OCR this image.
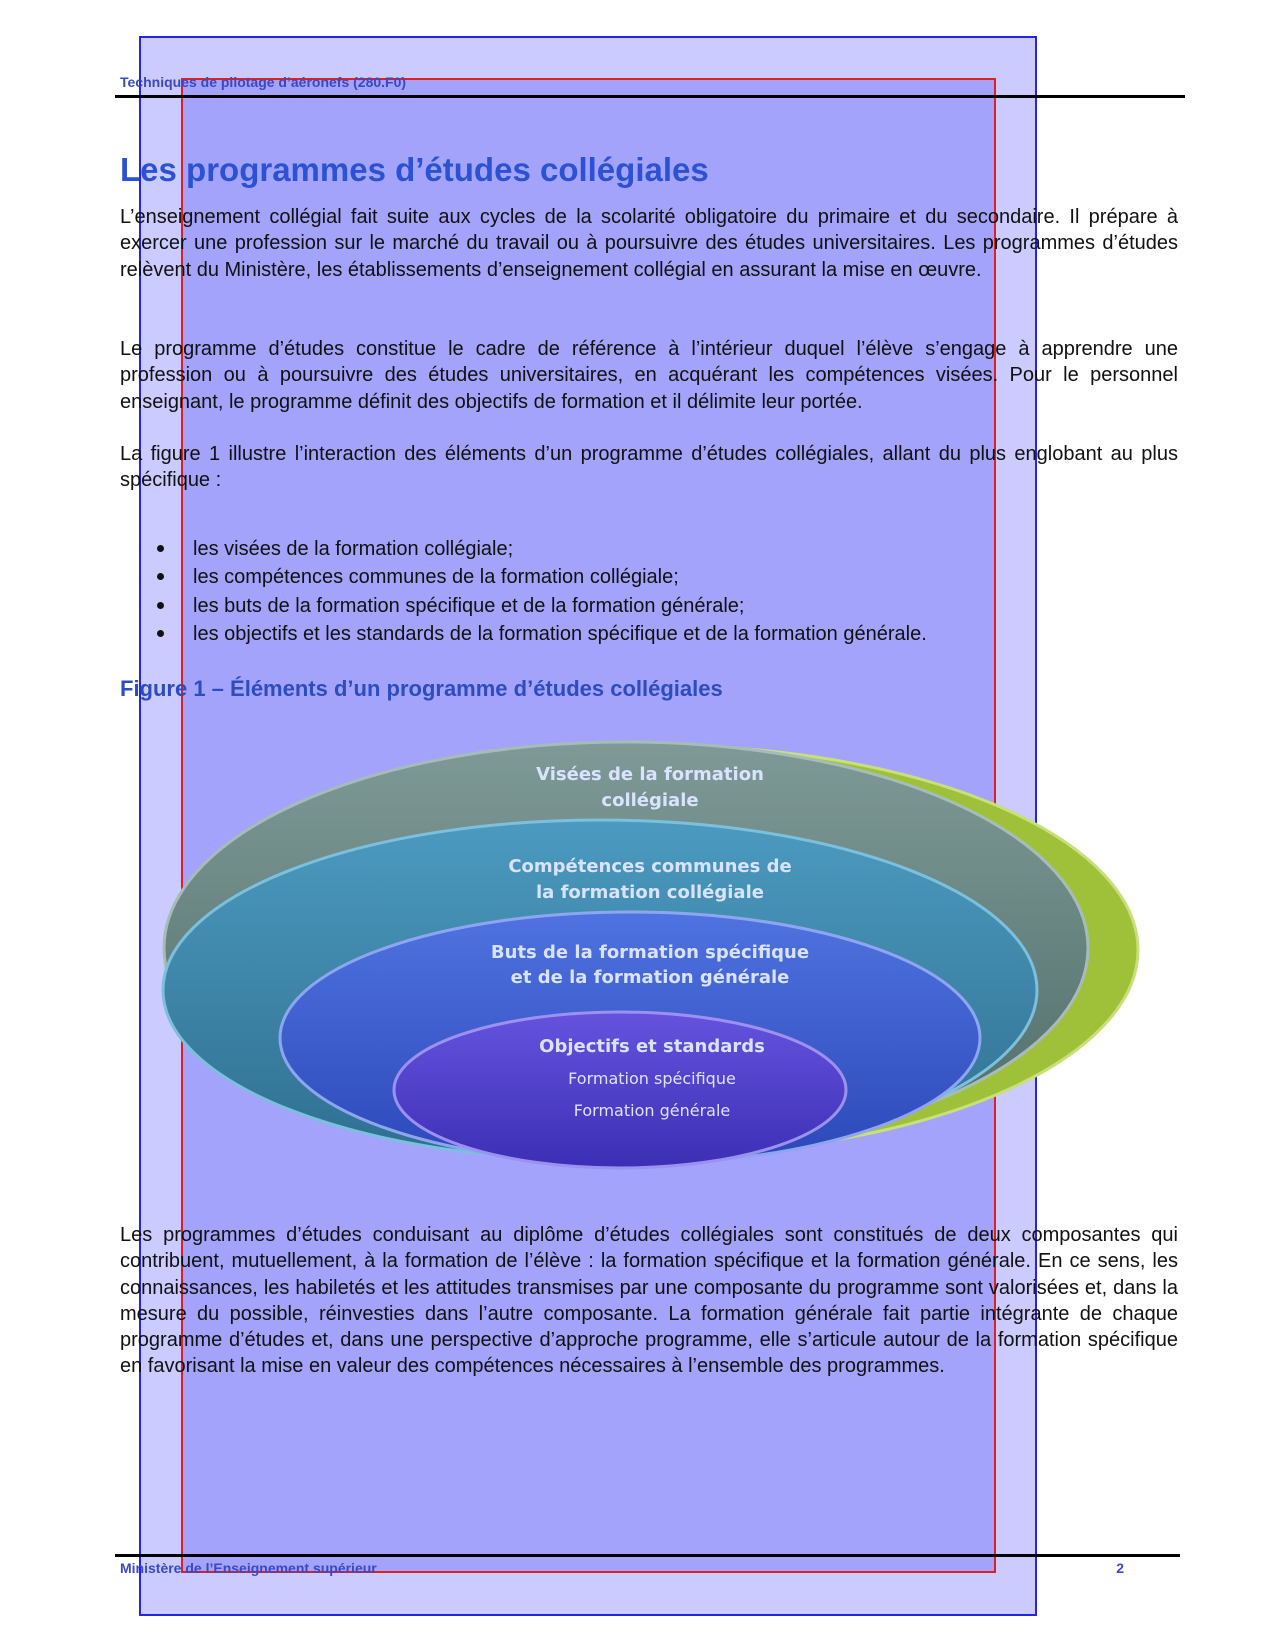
Techniques de pilotage d’aéronefs (280.F0)
Les programmes d’études collégiales

L’enseignement collégial fait suite aux cycles de la scolarité obligatoire du primaire et du secondaire. Il prépare à exercer une profession sur le marché du travail ou à poursuivre des études universitaires. Les programmes d’études relèvent du Ministère, les établissements d’enseignement collégial en assurant la mise en œuvre.

Le programme d’études constitue le cadre de référence à l’intérieur duquel l’élève s’engage à apprendre une profession ou à poursuivre des études universitaires, en acquérant les compétences visées. Pour le personnel enseignant, le programme définit des objectifs de formation et il délimite leur portée.

La figure 1 illustre l’interaction des éléments d’un programme d’études collégiales, allant du plus englobant au plus spécifique :

les visées de la formation collégiale;
les compétences communes de la formation collégiale;
les buts de la formation spécifique et de la formation générale;
les objectifs et les standards de la formation spécifique et de la formation générale.
Figure 1 – Éléments d’un programme d’études collégiales
Visées de la formation
collégiale
Compétences communes de
la formation collégiale
Buts de la formation spécifique
et de la formation générale
Objectifs et standards
Formation spécifique
Formation générale

Les programmes d’études conduisant au diplôme d’études collégiales sont constitués de deux composantes qui contribuent, mutuellement, à la formation de l’élève : la formation spécifique et la formation générale. En ce sens, les connaissances, les habiletés et les attitudes transmises par une composante du programme sont valorisées et, dans la mesure du possible, réinvesties dans l’autre composante. La formation générale fait partie intégrante de chaque programme d’études et, dans une perspective d’approche programme, elle s’articule autour de la formation spécifique en favorisant la mise en valeur des compétences nécessaires à l’ensemble des programmes.

Ministère de l’Enseignement supérieur	2
